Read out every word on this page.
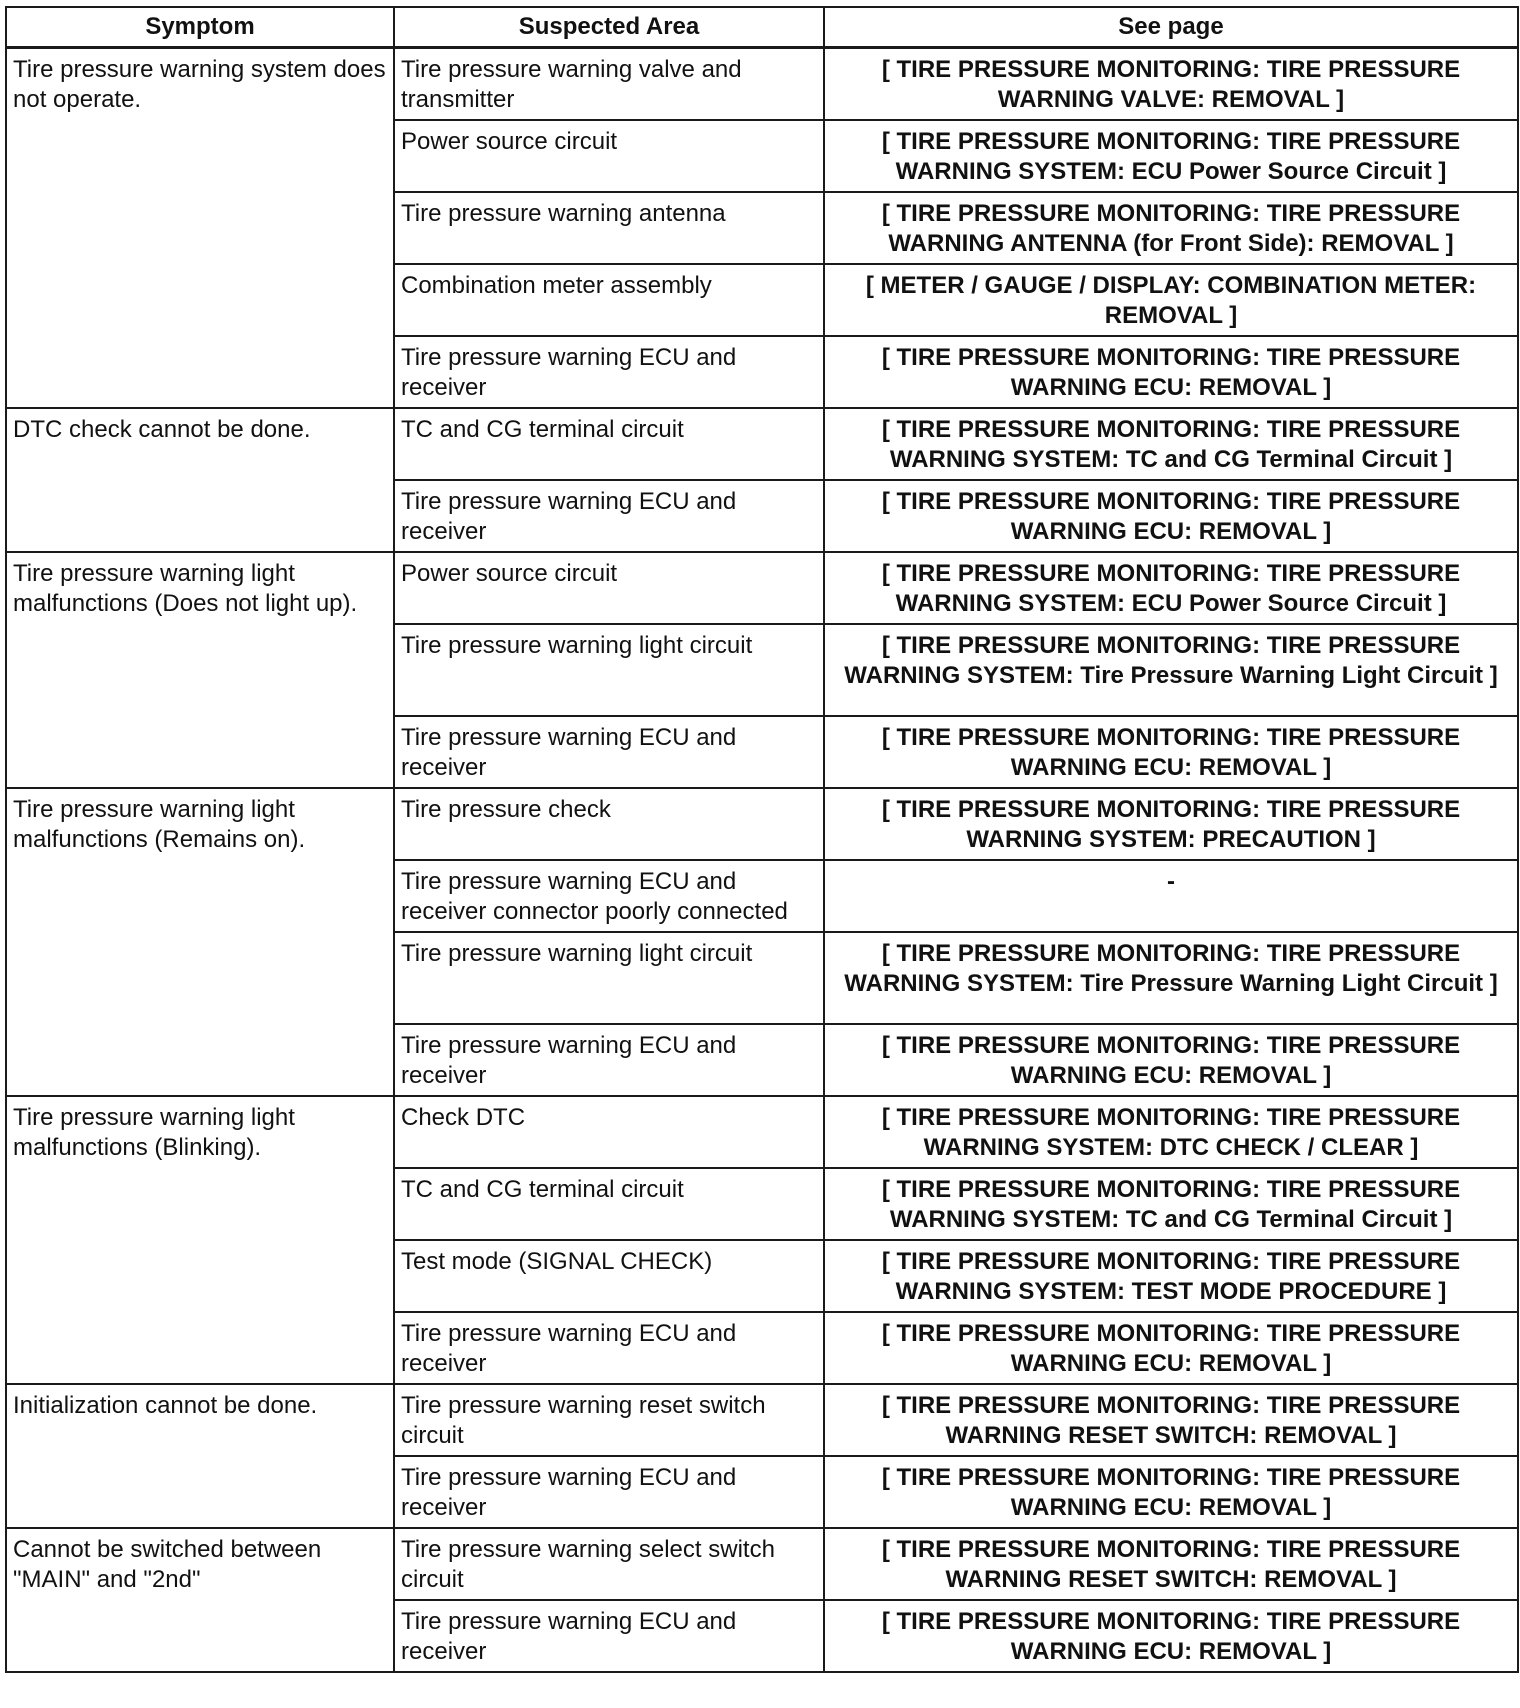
Symptom	Suspected Area	See page
Tire pressure warning system does not operate.	Tire pressure warning valve and transmitter	[ TIRE PRESSURE MONITORING: TIRE PRESSURE WARNING VALVE: REMOVAL ]
	Power source circuit	[ TIRE PRESSURE MONITORING: TIRE PRESSURE WARNING SYSTEM: ECU Power Source Circuit ]
	Tire pressure warning antenna	[ TIRE PRESSURE MONITORING: TIRE PRESSURE WARNING ANTENNA (for Front Side): REMOVAL ]
	Combination meter assembly	[ METER / GAUGE / DISPLAY: COMBINATION METER: REMOVAL ]
	Tire pressure warning ECU and receiver	[ TIRE PRESSURE MONITORING: TIRE PRESSURE WARNING ECU: REMOVAL ]
DTC check cannot be done.	TC and CG terminal circuit	[ TIRE PRESSURE MONITORING: TIRE PRESSURE WARNING SYSTEM: TC and CG Terminal Circuit ]
	Tire pressure warning ECU and receiver	[ TIRE PRESSURE MONITORING: TIRE PRESSURE WARNING ECU: REMOVAL ]
Tire pressure warning light malfunctions (Does not light up).	Power source circuit	[ TIRE PRESSURE MONITORING: TIRE PRESSURE WARNING SYSTEM: ECU Power Source Circuit ]
	Tire pressure warning light circuit	[ TIRE PRESSURE MONITORING: TIRE PRESSURE WARNING SYSTEM: Tire Pressure Warning Light Circuit ]
	Tire pressure warning ECU and receiver	[ TIRE PRESSURE MONITORING: TIRE PRESSURE WARNING ECU: REMOVAL ]
Tire pressure warning light malfunctions (Remains on).	Tire pressure check	[ TIRE PRESSURE MONITORING: TIRE PRESSURE WARNING SYSTEM: PRECAUTION ]
	Tire pressure warning ECU and receiver connector poorly connected	-
	Tire pressure warning light circuit	[ TIRE PRESSURE MONITORING: TIRE PRESSURE WARNING SYSTEM: Tire Pressure Warning Light Circuit ]
	Tire pressure warning ECU and receiver	[ TIRE PRESSURE MONITORING: TIRE PRESSURE WARNING ECU: REMOVAL ]
Tire pressure warning light malfunctions (Blinking).	Check DTC	[ TIRE PRESSURE MONITORING: TIRE PRESSURE WARNING SYSTEM: DTC CHECK / CLEAR ]
	TC and CG terminal circuit	[ TIRE PRESSURE MONITORING: TIRE PRESSURE WARNING SYSTEM: TC and CG Terminal Circuit ]
	Test mode (SIGNAL CHECK)	[ TIRE PRESSURE MONITORING: TIRE PRESSURE WARNING SYSTEM: TEST MODE PROCEDURE ]
	Tire pressure warning ECU and receiver	[ TIRE PRESSURE MONITORING: TIRE PRESSURE WARNING ECU: REMOVAL ]
Initialization cannot be done.	Tire pressure warning reset switch circuit	[ TIRE PRESSURE MONITORING: TIRE PRESSURE WARNING RESET SWITCH: REMOVAL ]
	Tire pressure warning ECU and receiver	[ TIRE PRESSURE MONITORING: TIRE PRESSURE WARNING ECU: REMOVAL ]
Cannot be switched between "MAIN" and "2nd"	Tire pressure warning select switch circuit	[ TIRE PRESSURE MONITORING: TIRE PRESSURE WARNING RESET SWITCH: REMOVAL ]
	Tire pressure warning ECU and receiver	[ TIRE PRESSURE MONITORING: TIRE PRESSURE WARNING ECU: REMOVAL ]
